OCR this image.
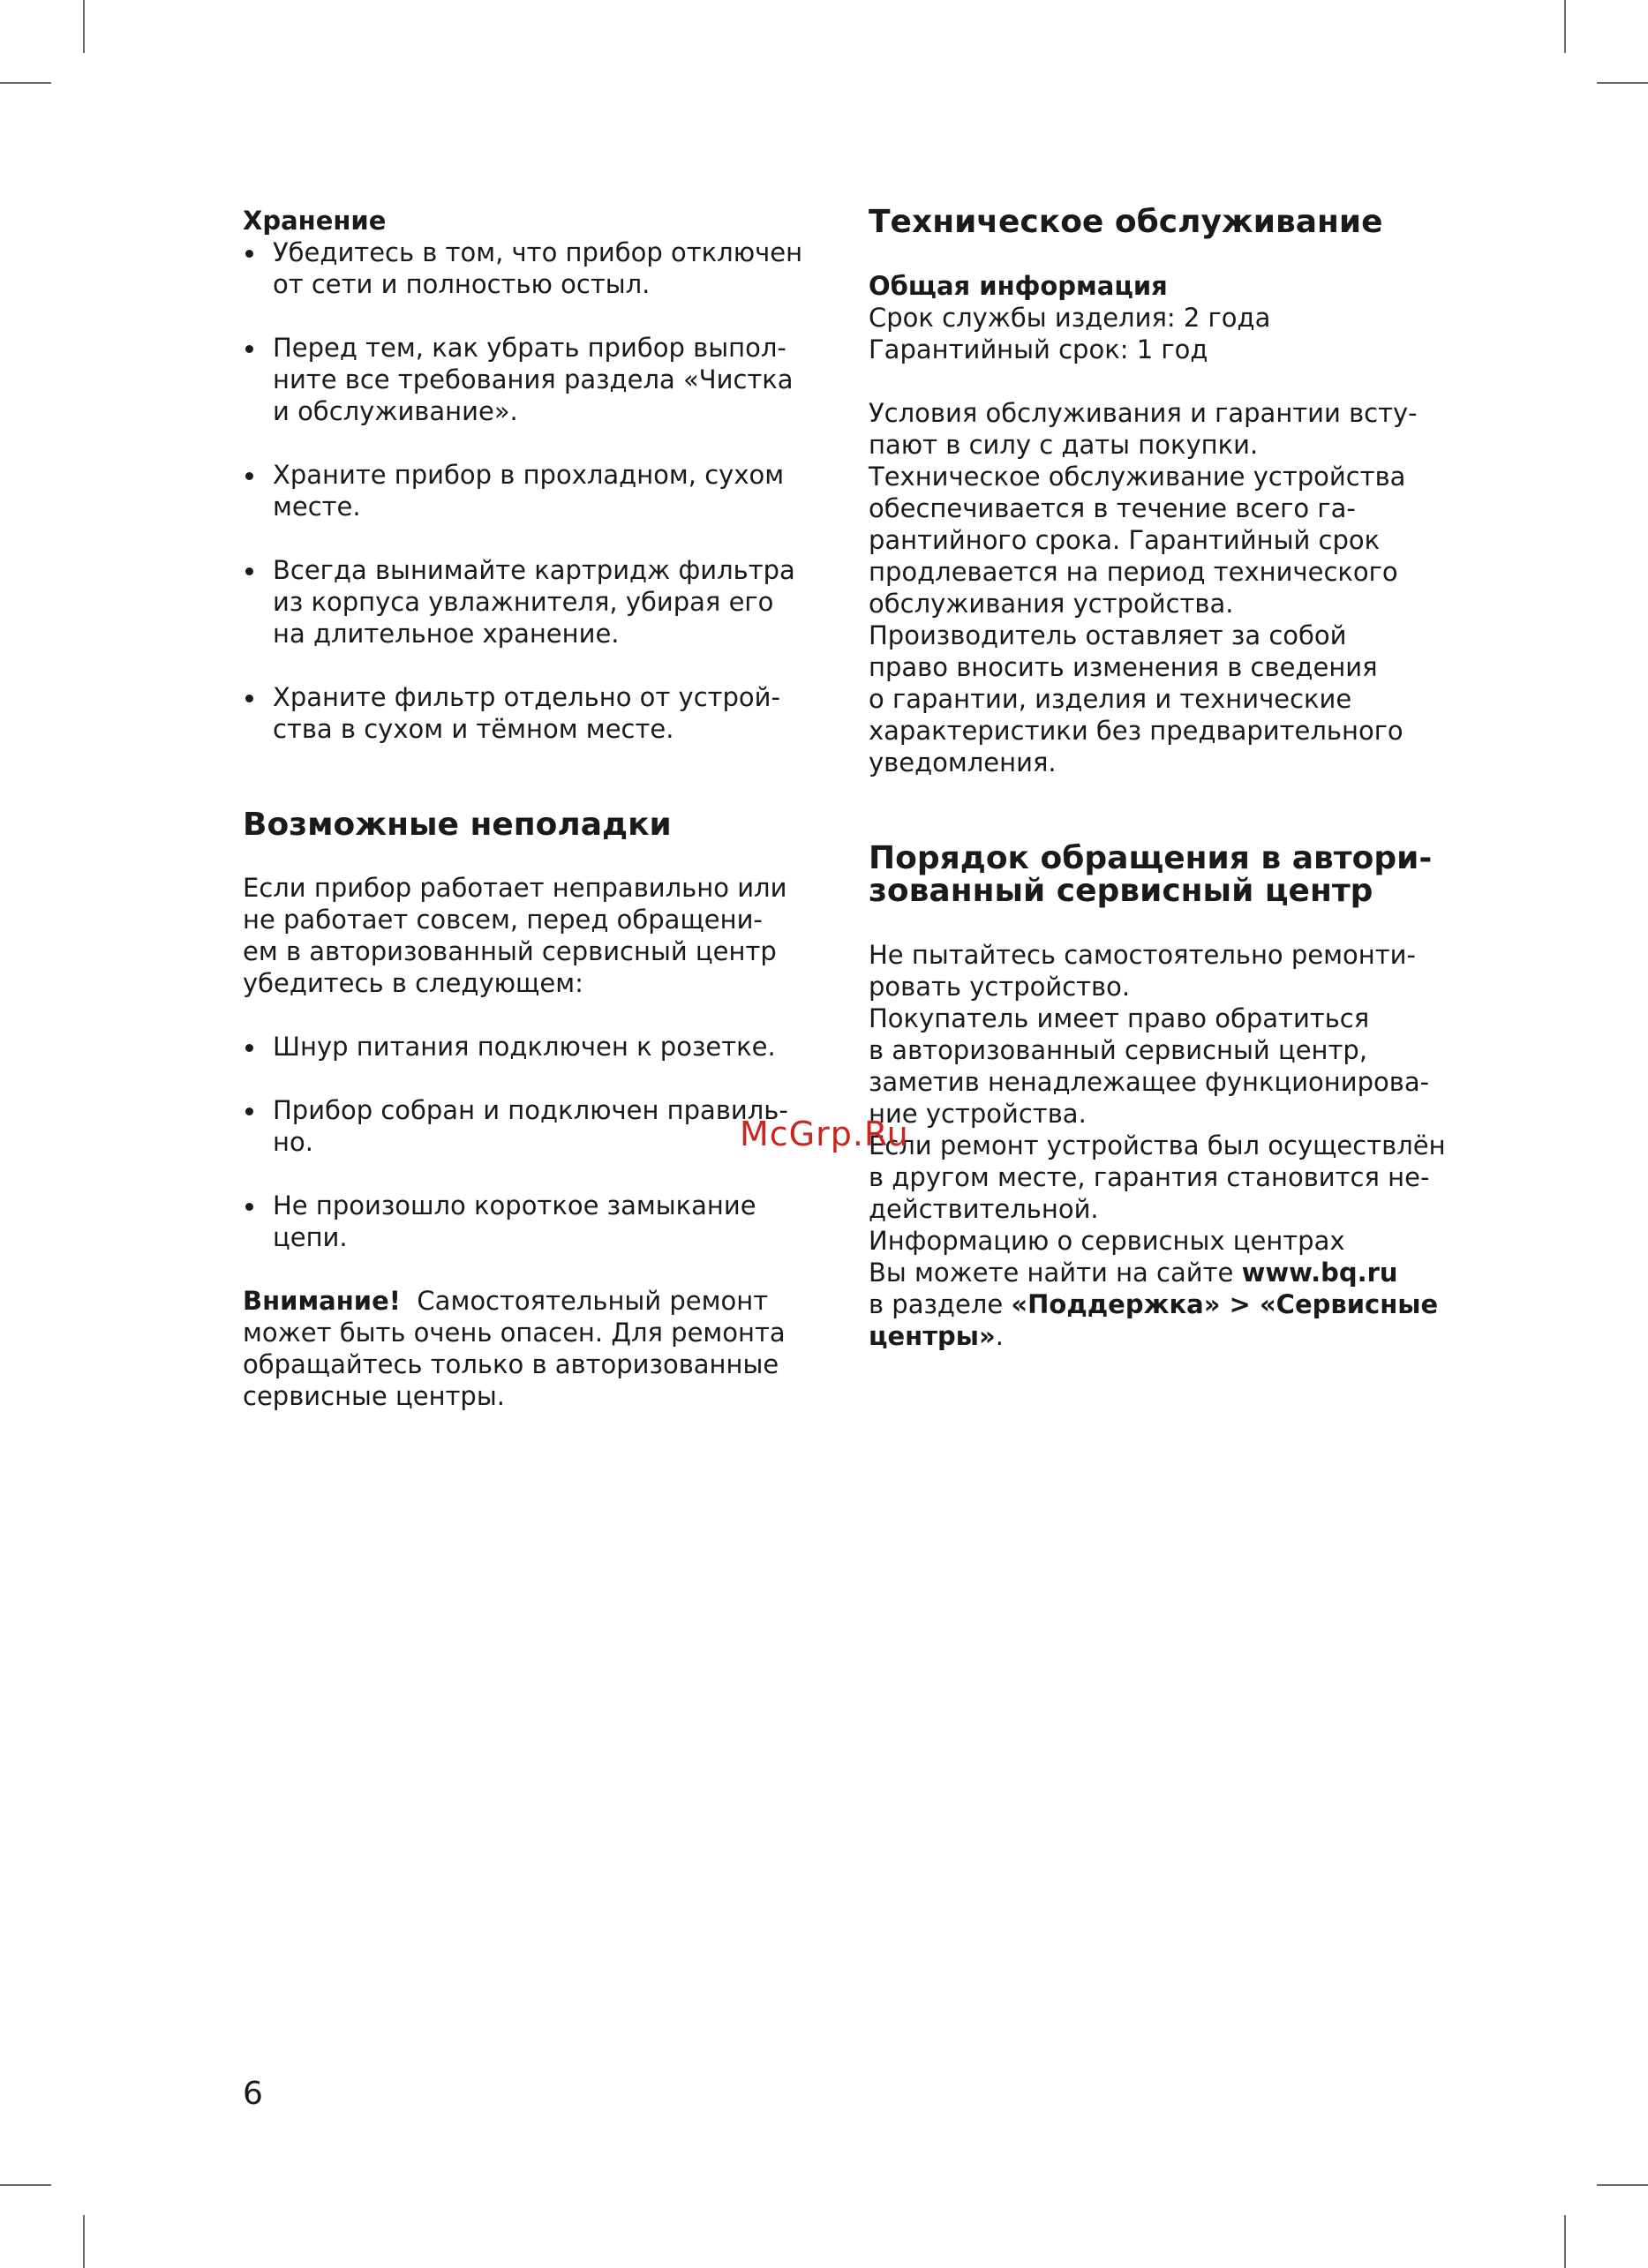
Хранение

Убедитесь в том, что прибор отключен
от сети и полностью остыл.
Перед тем, как убрать прибор выпол-
ните все требования раздела «Чистка
и обслуживание».
Храните прибор в прохладном, сухом
месте.
Всегда вынимайте картридж фильтра
из корпуса увлажнителя, убирая его
на длительное хранение.
Храните фильтр отдельно от устрой-
ства в сухом и тёмном месте.

Возможные неполадки

Если прибор работает неправильно или
не работает совсем, перед обращени-
ем в авторизованный сервисный центр
убедитесь в следующем:

Шнур питания подключен к розетке.
Прибор собран и подключен правиль-
но.
Не произошло короткое замыкание
цепи.

Внимание! Самостоятельный ремонт
может быть очень опасен. Для ремонта
обращайтесь только в авторизованные
сервисные центры.

Техническое обслуживание

Общая информация

Срок службы изделия: 2 года

Гарантийный срок: 1 год

Условия обслуживания и гарантии всту-
пают в силу с даты покупки.
Техническое обслуживание устройства
обеспечивается в течение всего га-
рантийного срока. Гарантийный срок
продлевается на период технического
обслуживания устройства.
Производитель оставляет за собой
право вносить изменения в сведения
о гарантии, изделия и технические
характеристики без предварительного
уведомления.

Порядок обращения в автори-
зованный сервисный центр

Не пытайтесь самостоятельно ремонти-
ровать устройство.
Покупатель имеет право обратиться
в авторизованный сервисный центр,
заметив ненадлежащее функционирова-
ние устройства.
Если ремонт устройства был осуществлён
в другом месте, гарантия становится не-
действительной.
Информацию о сервисных центрах
Вы можете найти на сайте www.bq.ru
в разделе «Поддержка» > «Сервисные
центры».

McGrp.Ru
6
